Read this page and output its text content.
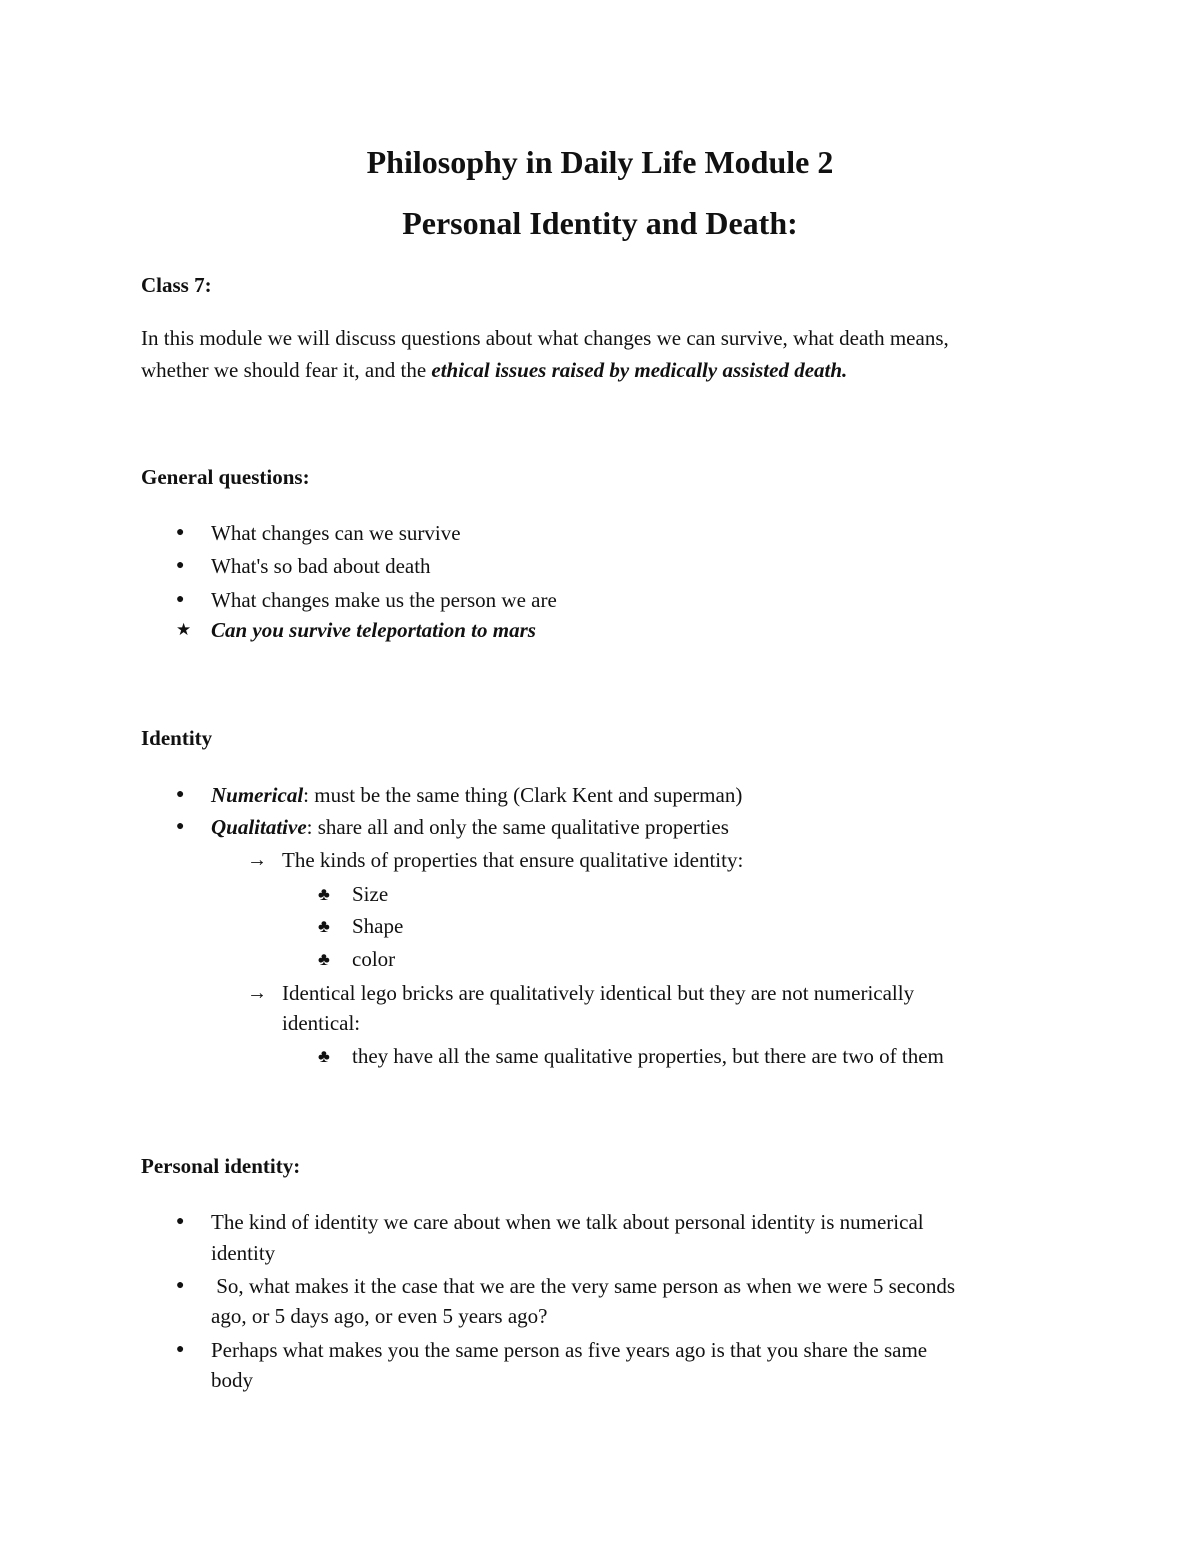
Philosophy in Daily Life Module 2
Personal Identity and Death:

Class 7:

In this module we will discuss questions about what changes we can survive, what death means,

whether we should fear it, and the ethical issues raised by medically assisted death.

General questions:

● What changes can we survive

● What's so bad about death

● What changes make us the person we are

★ Can you survive teleportation to mars

Identity

● Numerical: must be the same thing (Clark Kent and superman)

● Qualitative: share all and only the same qualitative properties

→ The kinds of properties that ensure qualitative identity:

♣ Size

♣ Shape

♣ color

→ Identical lego bricks are qualitatively identical but they are not numerically

identical:

♣ they have all the same qualitative properties, but there are two of them

Personal identity:

● The kind of identity we care about when we talk about personal identity is numerical

identity

● So, what makes it the case that we are the very same person as when we were 5 seconds

ago, or 5 days ago, or even 5 years ago?

● Perhaps what makes you the same person as five years ago is that you share the same

body
